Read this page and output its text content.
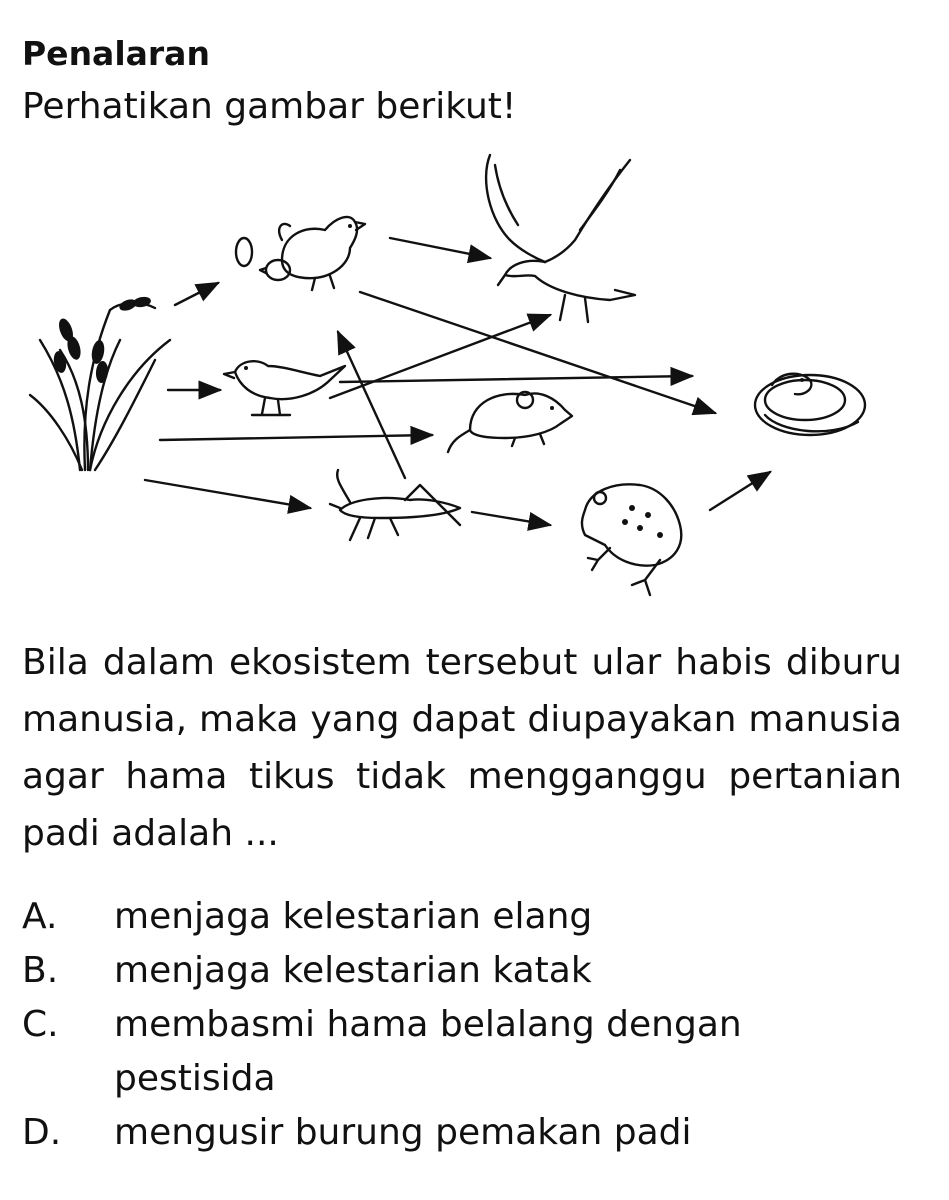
Penalaran
Perhatikan gambar berikut!
Bila dalam ekosistem tersebut ular habis diburu manusia, maka yang dapat diupayakan manusia agar hama tikus tidak mengganggu pertanian padi adalah ...
A.	menjaga kelestarian elang
B.	menjaga kelestarian katak
C.	membasmi hama belalang dengan pestisida
D.	mengusir burung pemakan padi
